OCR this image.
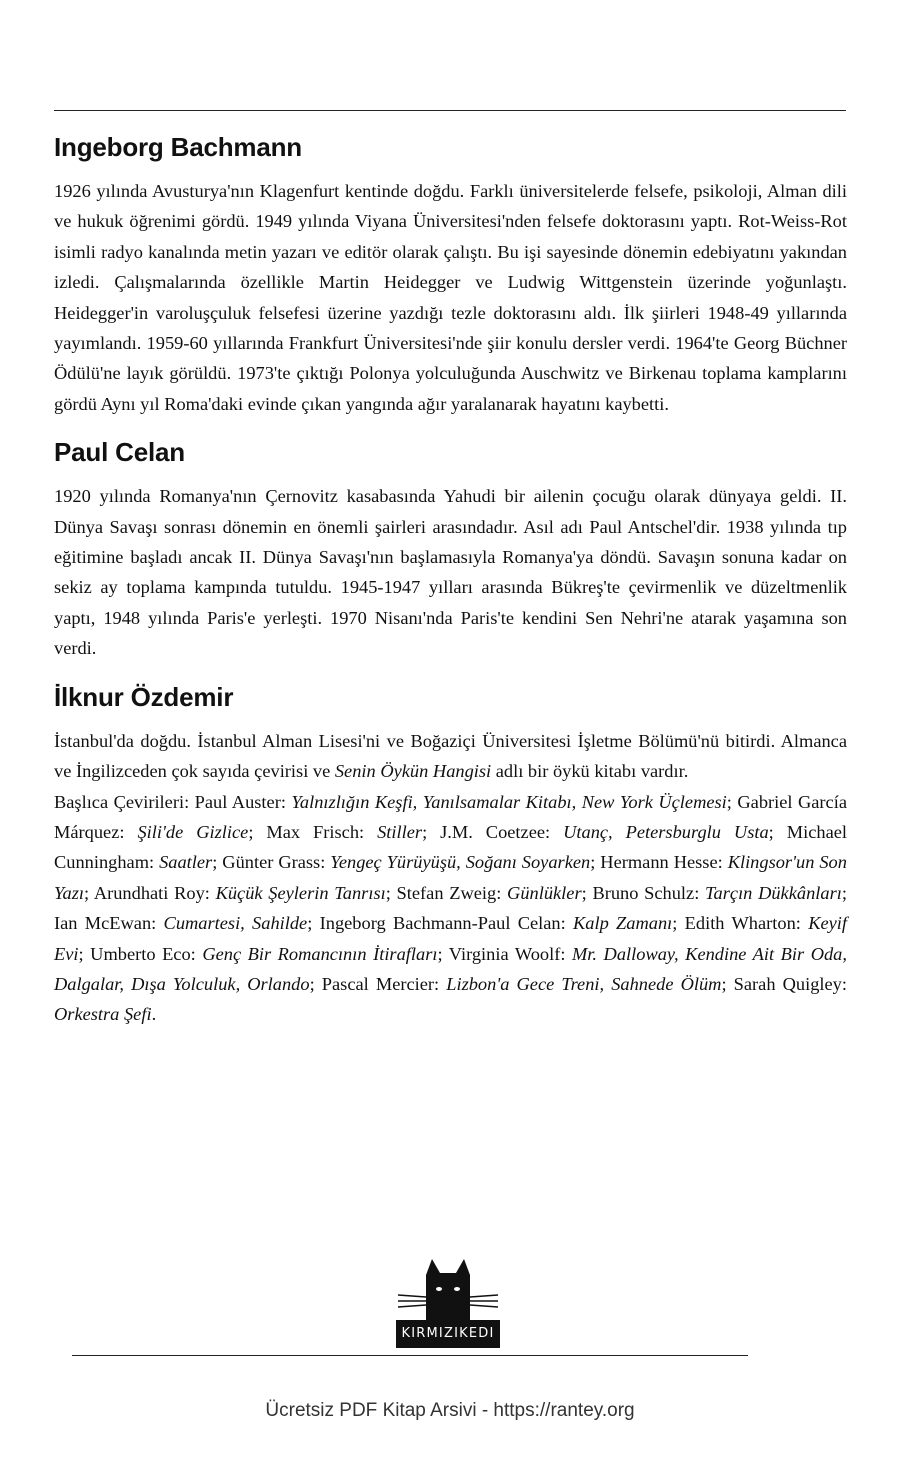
Ingeborg Bachmann

1926 yılında Avusturya'nın Klagenfurt kentinde doğdu. Farklı üniversitelerde felsefe, psikoloji, Alman dili ve hukuk öğrenimi gördü. 1949 yılında Viyana Üniversitesi'nden felsefe doktorasını yaptı. Rot-Weiss-Rot isimli radyo kanalında metin yazarı ve editör olarak çalıştı. Bu işi sayesinde dönemin edebiyatını yakından izledi. Çalışmalarında özellikle Martin Heidegger ve Ludwig Wittgenstein üzerinde yoğunlaştı. Heidegger'in varoluşçuluk felsefesi üzerine yazdığı tezle doktorasını aldı. İlk şiirleri 1948-49 yıllarında yayımlandı. 1959-60 yıllarında Frankfurt Üniversitesi'nde şiir konulu dersler verdi. 1964'te Georg Büchner Ödülü'ne layık görüldü. 1973'te çıktığı Polonya yolculuğunda Auschwitz ve Birkenau toplama kamplarını gördü Aynı yıl Roma'daki evinde çıkan yangında ağır yaralanarak hayatını kaybetti.

Paul Celan

1920 yılında Romanya'nın Çernovitz kasabasında Yahudi bir ailenin çocuğu olarak dünyaya geldi. II. Dünya Savaşı sonrası dönemin en önemli şairleri arasındadır. Asıl adı Paul Antschel'dir. 1938 yılında tıp eğitimine başladı ancak II. Dünya Savaşı'nın başlamasıyla Romanya'ya döndü. Savaşın sonuna kadar on sekiz ay toplama kampında tutuldu. 1945-1947 yılları arasında Bükreş'te çevirmenlik ve düzeltmenlik yaptı, 1948 yılında Paris'e yerleşti. 1970 Nisanı'nda Paris'te kendini Sen Nehri'ne atarak yaşamına son verdi.

İlknur Özdemir

İstanbul'da doğdu. İstanbul Alman Lisesi'ni ve Boğaziçi Üniversitesi İşletme Bölümü'nü bitirdi. Almanca ve İngilizceden çok sayıda çevirisi ve Senin Öykün Hangisi adlı bir öykü kitabı vardır.

Başlıca Çevirileri: Paul Auster: Yalnızlığın Keşfi, Yanılsamalar Kitabı, New York Üçlemesi; Gabriel García Márquez: Şili'de Gizlice; Max Frisch: Stiller; J.M. Coetzee: Utanç, Petersburglu Usta; Michael Cunningham: Saatler; Günter Grass: Yengeç Yürüyüşü, Soğanı Soyarken; Hermann Hesse: Klingsor'un Son Yazı; Arundhati Roy: Küçük Şeylerin Tanrısı; Stefan Zweig: Günlükler; Bruno Schulz: Tarçın Dükkânları; Ian McEwan: Cumartesi, Sahilde; Ingeborg Bachmann-Paul Celan: Kalp Zamanı; Edith Wharton: Keyif Evi; Umberto Eco: Genç Bir Romancının İtirafları; Virginia Woolf: Mr. Dalloway, Kendine Ait Bir Oda, Dalgalar, Dışa Yolculuk, Orlando; Pascal Mercier: Lizbon'a Gece Treni, Sahnede Ölüm; Sarah Quigley: Orkestra Şefi.

KIRMIZIKEDI
Ücretsiz PDF Kitap Arsivi - https://rantey.org
